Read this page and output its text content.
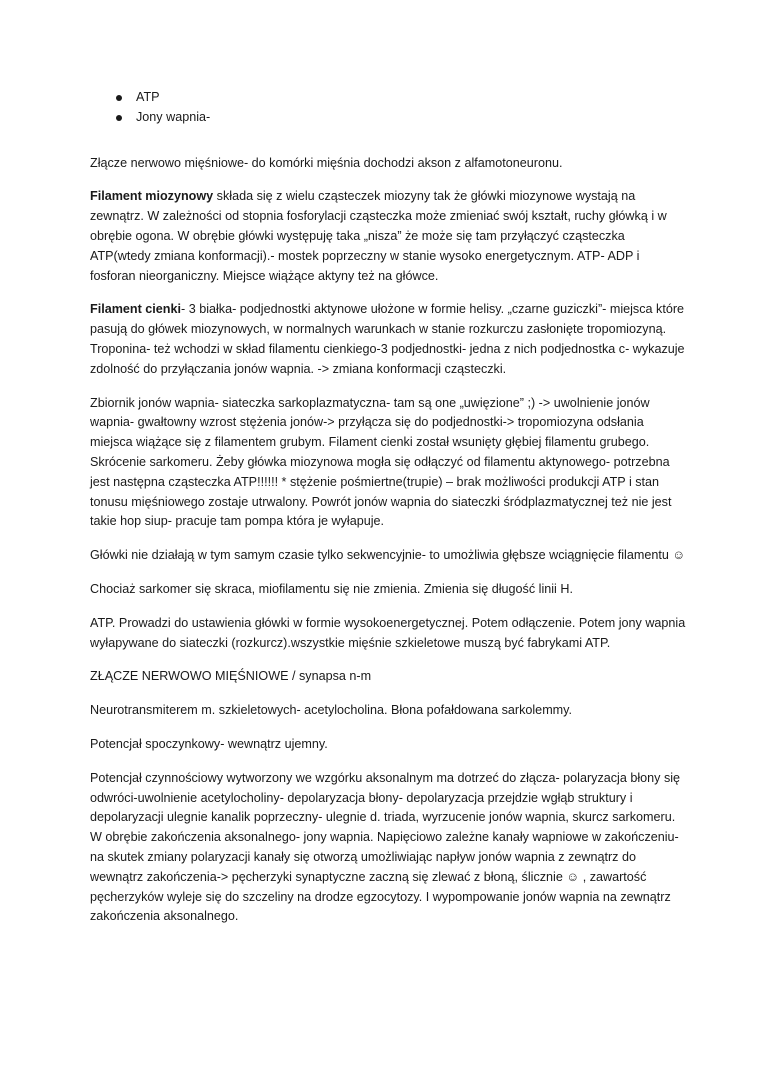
ATP
Jony wapnia-

Złącze nerwowo mięśniowe- do komórki mięśnia dochodzi akson z alfamotoneuronu.

Filament miozynowy składa się z wielu cząsteczek miozyny tak że główki miozynowe wystają na zewnątrz. W zależności od stopnia fosforylacji cząsteczka może zmieniać swój kształt, ruchy główką i w obrębie ogona. W obrębie główki występuję taka „nisza” że może się tam przyłączyć cząsteczka ATP(wtedy zmiana konformacji).- mostek poprzeczny w stanie wysoko energetycznym. ATP- ADP i fosforan nieorganiczny. Miejsce wiążące aktyny też na główce.

Filament cienki- 3 białka- podjednostki aktynowe ułożone w formie helisy. „czarne guziczki”- miejsca które pasują do główek miozynowych, w normalnych warunkach w stanie rozkurczu zasłonięte tropomiozyną. Troponina- też wchodzi w skład filamentu cienkiego-3 podjednostki- jedna z nich podjednostka c- wykazuje zdolność do przyłączania jonów wapnia. -> zmiana konformacji cząsteczki.

Zbiornik jonów wapnia- siateczka sarkoplazmatyczna- tam są one „uwięzione” ;) -> uwolnienie jonów wapnia- gwałtowny wzrost stężenia jonów-> przyłącza się do podjednostki-> tropomiozyna odsłania miejsca wiążące się z filamentem grubym. Filament cienki został wsunięty głębiej filamentu grubego. Skrócenie sarkomeru. Żeby główka miozynowa mogła się odłączyć od filamentu aktynowego- potrzebna jest następna cząsteczka ATP!!!!!! * stężenie pośmiertne(trupie) – brak możliwości produkcji ATP i stan tonusu mięśniowego zostaje utrwalony. Powrót jonów wapnia do siateczki śródplazmatycznej też nie jest takie hop siup- pracuje tam pompa która je wyłapuje.

Główki nie działają w tym samym czasie tylko sekwencyjnie- to umożliwia głębsze wciągnięcie filamentu ☺

Chociaż sarkomer się skraca, miofilamentu się nie zmienia. Zmienia się długość linii H.

ATP. Prowadzi do ustawienia główki w formie wysokoenergetycznej. Potem odłączenie. Potem jony wapnia wyłapywane do siateczki (rozkurcz).wszystkie mięśnie szkieletowe muszą być fabrykami ATP.

ZŁĄCZE NERWOWO MIĘŚNIOWE / synapsa n-m

Neurotransmiterem m. szkieletowych- acetylocholina. Błona pofałdowana sarkolemmy.

Potencjał spoczynkowy- wewnątrz ujemny.

Potencjał czynnościowy wytworzony we wzgórku aksonalnym ma dotrzeć do złącza- polaryzacja błony się odwróci-uwolnienie acetylocholiny- depolaryzacja błony- depolaryzacja przejdzie wgłąb struktury i depolaryzacji ulegnie kanalik poprzeczny- ulegnie d. triada, wyrzucenie jonów wapnia, skurcz sarkomeru. W obrębie zakończenia aksonalnego- jony wapnia. Napięciowo zależne kanały wapniowe w zakończeniu- na skutek zmiany polaryzacji kanały się otworzą umożliwiając napływ jonów wapnia z zewnątrz do wewnątrz zakończenia-> pęcherzyki synaptyczne zaczną się zlewać z błoną, ślicznie ☺ , zawartość pęcherzyków wyleje się do szczeliny na drodze egzocytozy. I wypompowanie jonów wapnia na zewnątrz zakończenia aksonalnego.
